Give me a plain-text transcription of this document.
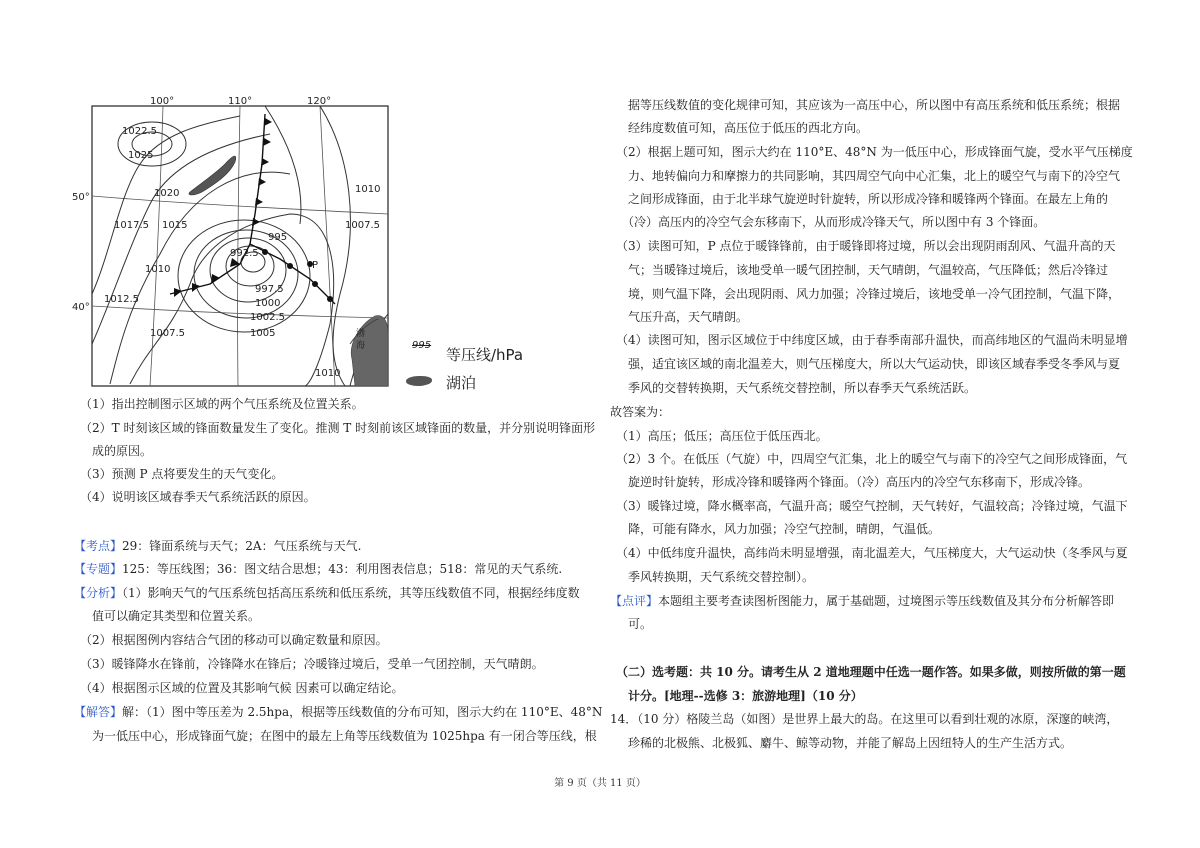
100°	110°	120°
50°
40°
1022.5
1025
1020
1017.5 1015
1010
1012.5
1007.5
992.5
995
997.5
1000
1002.5
1005
1010
1007.5
1010
P
渤
海	995
等压线/hPa
湖泊
（1）指出控制图示区域的两个气压系统及位置关系。
（2）T 时刻该区域的锋面数量发生了变化。推测 T 时刻前该区域锋面的数量，并分别说明锋面形
成的原因。
（3）预测 P 点将要发生的天气变化。
（4）说明该区域春季天气系统活跃的原因。
【考点】29：锋面系统与天气；2A：气压系统与天气.
【专题】125：等压线图；36：图文结合思想；43：利用图表信息；518：常见的天气系统.
【分析】（1）影响天气的气压系统包括高压系统和低压系统，其等压线数值不同，根据经纬度数
值可以确定其类型和位置关系。
（2）根据图例内容结合气团的移动可以确定数量和原因。
（3）暖锋降水在锋前，冷锋降水在锋后；冷暖锋过境后，受单一气团控制，天气晴朗。
（4）根据图示区域的位置及其影响气候 因素可以确定结论。
【解答】解：（1）图中等压差为 2.5hpa，根据等压线数值的分布可知，图示大约在 110°E、48°N
为一低压中心，形成锋面气旋；在图中的最左上角等压线数值为 1025hpa 有一闭合等压线，根
据等压线数值的变化规律可知，其应该为一高压中心，所以图中有高压系统和低压系统；根据
经纬度数值可知，高压位于低压的西北方向。
（2）根据上题可知，图示大约在 110°E、48°N 为一低压中心，形成锋面气旋，受水平气压梯度
力、地转偏向力和摩擦力的共同影响，其四周空气向中心汇集，北上的暖空气与南下的冷空气
之间形成锋面，由于北半球气旋逆时针旋转，所以形成冷锋和暖锋两个锋面。在最左上角的
（冷）高压内的冷空气会东移南下，从而形成冷锋天气，所以图中有 3 个锋面。
（3）读图可知，P 点位于暖锋锋前，由于暖锋即将过境，所以会出现阴雨刮风、气温升高的天
气；当暖锋过境后，该地受单一暖气团控制，天气晴朗，气温较高，气压降低；然后冷锋过
境，则气温下降，会出现阴雨、风力加强；冷锋过境后，该地受单一冷气团控制，气温下降，
气压升高，天气晴朗。
（4）读图可知，图示区域位于中纬度区域，由于春季南部升温快，而高纬地区的气温尚未明显增
强，适宜该区域的南北温差大，则气压梯度大，所以大气运动快，即该区域春季受冬季风与夏
季风的交替转换期，天气系统交替控制，所以春季天气系统活跃。
故答案为：
（1）高压；低压；高压位于低压西北。
（2）3 个。在低压（气旋）中，四周空气汇集，北上的暖空气与南下的冷空气之间形成锋面，气
旋逆时针旋转，形成冷锋和暖锋两个锋面。（冷）高压内的冷空气东移南下，形成冷锋。
（3）暖锋过境，降水概率高，气温升高；暖空气控制，天气转好，气温较高；冷锋过境，气温下
降，可能有降水，风力加强；冷空气控制，晴朗，气温低。
（4）中低纬度升温快，高纬尚未明显增强，南北温差大，气压梯度大，大气运动快（冬季风与夏
季风转换期，天气系统交替控制）。
【点评】本题组主要考查读图析图能力，属于基础题，过境图示等压线数值及其分布分析解答即
可。
（二）选考题：共 10 分。请考生从 2 道地理题中任选一题作答。如果多做，则按所做的第一题
计分。[地理--选修 3：旅游地理]（10 分）
14．（10 分）格陵兰岛（如图）是世界上最大的岛。在这里可以看到壮观的冰原，深邃的峡湾，
珍稀的北极熊、北极狐、麝牛、鲸等动物，并能了解岛上因纽特人的生产生活方式。
第 9 页（共 11 页）
